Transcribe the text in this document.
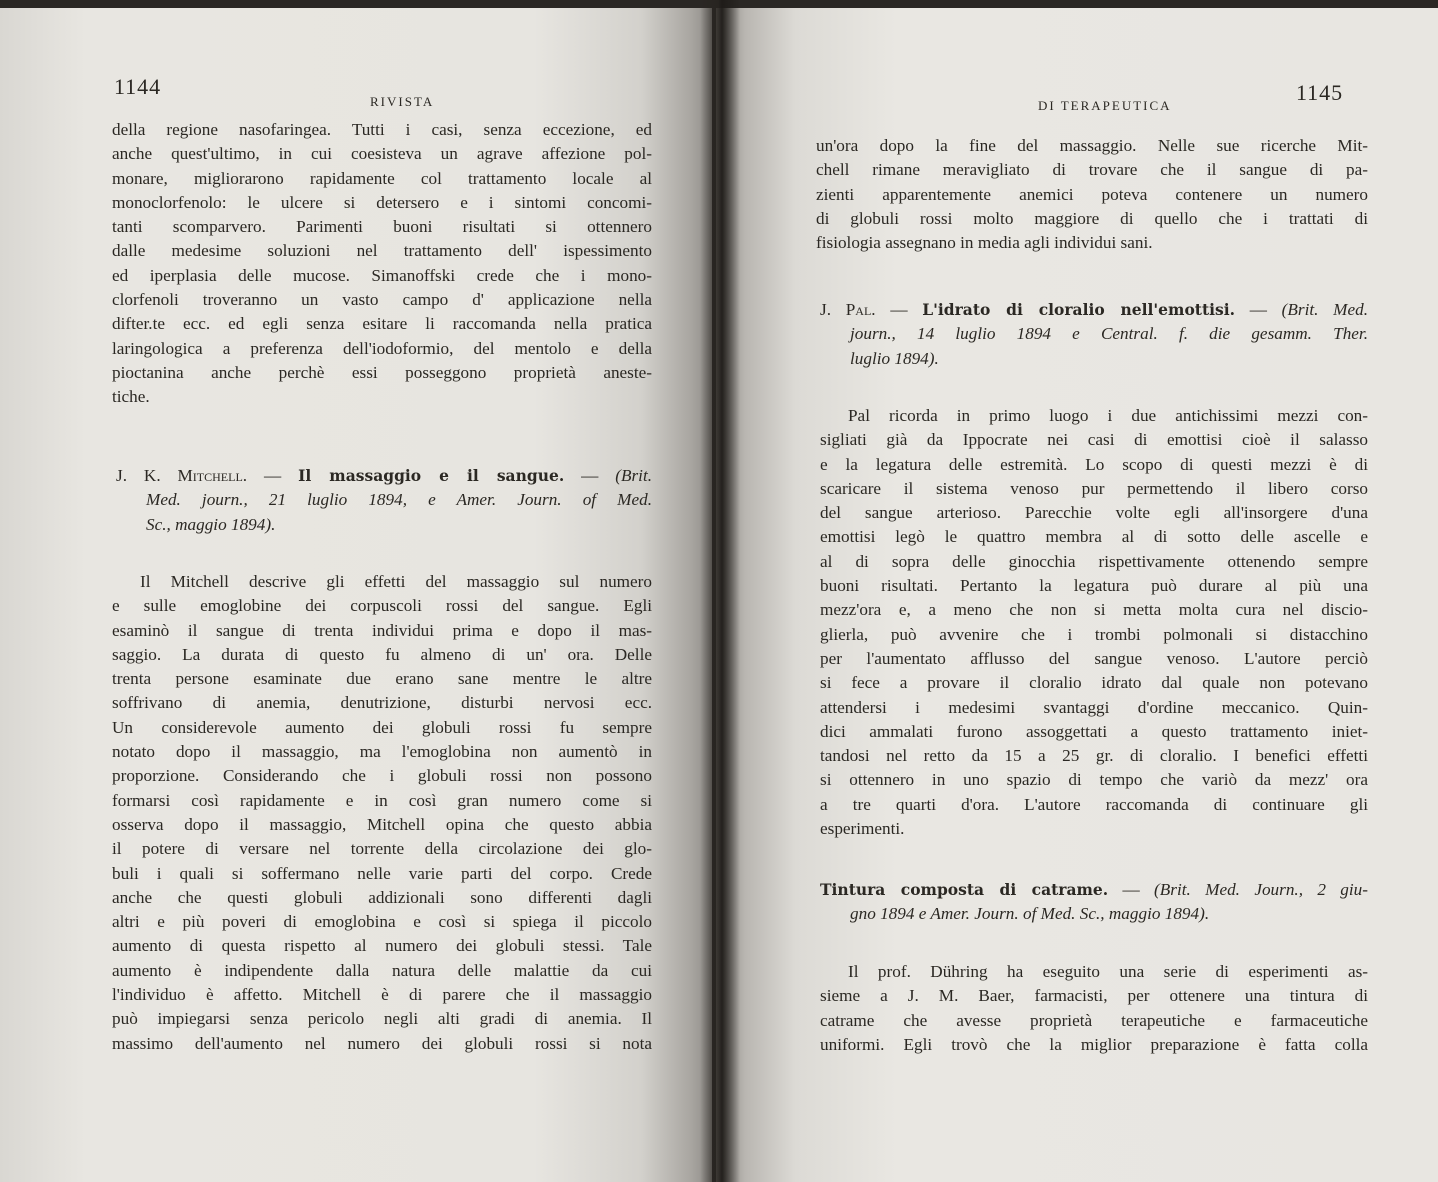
1144
RIVISTA
della regione nasofaringea. Tutti i casi, senza eccezione, ed
anche quest'ultimo, in cui coesisteva un agrave affezione pol-
monare, migliorarono rapidamente col trattamento locale al
monoclorfenolo: le ulcere si detersero e i sintomi concomi-
tanti scomparvero. Parimenti buoni risultati si ottennero
dalle medesime soluzioni nel trattamento dell' ispessimento
ed iperplasia delle mucose. Simanoffski crede che i mono-
clorfenoli troveranno un vasto campo d' applicazione nella
difter.te ecc. ed egli senza esitare li raccomanda nella pratica
laringologica a preferenza dell'iodoformio, del mentolo e della
pioctanina anche perchè essi posseggono proprietà aneste-
tiche.
J. K. Mitchell. — Il massaggio e il sangue. — (Brit.
Med. journ., 21 luglio 1894, e Amer. Journ. of Med.
Sc., maggio 1894).
Il Mitchell descrive gli effetti del massaggio sul numero
e sulle emoglobine dei corpuscoli rossi del sangue. Egli
esaminò il sangue di trenta individui prima e dopo il mas-
saggio. La durata di questo fu almeno di un' ora. Delle
trenta persone esaminate due erano sane mentre le altre
soffrivano di anemia, denutrizione, disturbi nervosi ecc.
Un considerevole aumento dei globuli rossi fu sempre
notato dopo il massaggio, ma l'emoglobina non aumentò in
proporzione. Considerando che i globuli rossi non possono
formarsi così rapidamente e in così gran numero come si
osserva dopo il massaggio, Mitchell opina che questo abbia
il potere di versare nel torrente della circolazione dei glo-
buli i quali si soffermano nelle varie parti del corpo. Crede
anche che questi globuli addizionali sono differenti dagli
altri e più poveri di emoglobina e così si spiega il piccolo
aumento di questa rispetto al numero dei globuli stessi. Tale
aumento è indipendente dalla natura delle malattie da cui
l'individuo è affetto. Mitchell è di parere che il massaggio
può impiegarsi senza pericolo negli alti gradi di anemia. Il
massimo dell'aumento nel numero dei globuli rossi si nota
DI TERAPEUTICA
1145
un'ora dopo la fine del massaggio. Nelle sue ricerche Mit-
chell rimane meravigliato di trovare che il sangue di pa-
zienti apparentemente anemici poteva contenere un numero
di globuli rossi molto maggiore di quello che i trattati di
fisiologia assegnano in media agli individui sani.
J. Pal. — L'idrato di cloralio nell'emottisi. — (Brit. Med.
journ., 14 luglio 1894 e Central. f. die gesamm. Ther.
luglio 1894).
Pal ricorda in primo luogo i due antichissimi mezzi con-
sigliati già da Ippocrate nei casi di emottisi cioè il salasso
e la legatura delle estremità. Lo scopo di questi mezzi è di
scaricare il sistema venoso pur permettendo il libero corso
del sangue arterioso. Parecchie volte egli all'insorgere d'una
emottisi legò le quattro membra al di sotto delle ascelle e
al di sopra delle ginocchia rispettivamente ottenendo sempre
buoni risultati. Pertanto la legatura può durare al più una
mezz'ora e, a meno che non si metta molta cura nel discio-
glierla, può avvenire che i trombi polmonali si distacchino
per l'aumentato afflusso del sangue venoso. L'autore perciò
si fece a provare il cloralio idrato dal quale non potevano
attendersi i medesimi svantaggi d'ordine meccanico. Quin-
dici ammalati furono assoggettati a questo trattamento iniet-
tandosi nel retto da 15 a 25 gr. di cloralio. I benefici effetti
si ottennero in uno spazio di tempo che variò da mezz' ora
a tre quarti d'ora. L'autore raccomanda di continuare gli
esperimenti.
Tintura composta di catrame. — (Brit. Med. Journ., 2 giu-
gno 1894 e Amer. Journ. of Med. Sc., maggio 1894).
Il prof. Dühring ha eseguito una serie di esperimenti as-
sieme a J. M. Baer, farmacisti, per ottenere una tintura di
catrame che avesse proprietà terapeutiche e farmaceutiche
uniformi. Egli trovò che la miglior preparazione è fatta colla
